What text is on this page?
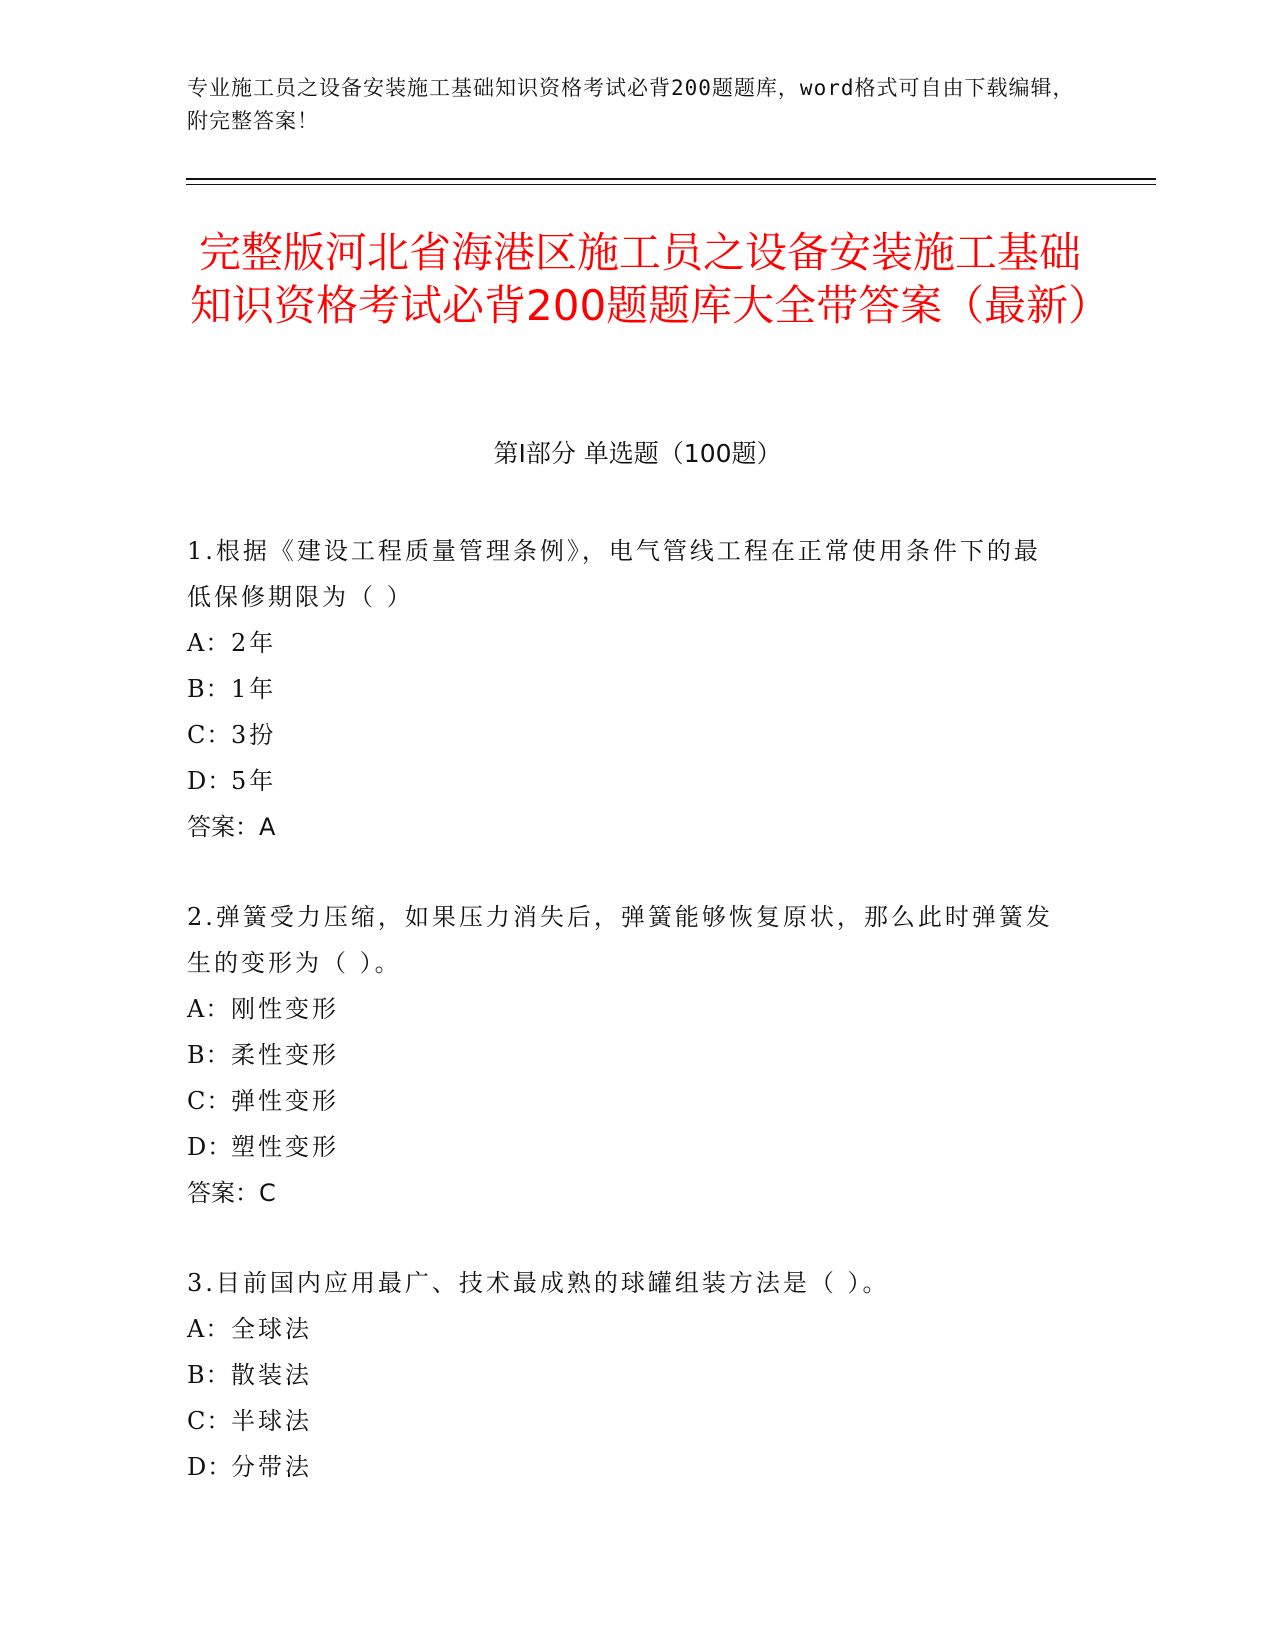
专业施工员之设备安装施工基础知识资格考试必背200题题库，word格式可自由下载编辑，附完整答案！
完整版河北省海港区施工员之设备安装施工基础知识资格考试必背200题题库大全带答案（最新）
第Ⅰ部分 单选题（100题）
1.根据《建设工程质量管理条例》，电气管线工程在正常使用条件下的最低保修期限为（ ）
A：2年
B：1年
C：3扮
D：5年
答案：A
2.弹簧受力压缩，如果压力消失后，弹簧能够恢复原状，那么此时弹簧发生的变形为（ ）。
A：刚性变形
B：柔性变形
C：弹性变形
D：塑性变形
答案：C
3.目前国内应用最广、技术最成熟的球罐组装方法是（ ）。
A：全球法
B：散装法
C：半球法
D：分带法
